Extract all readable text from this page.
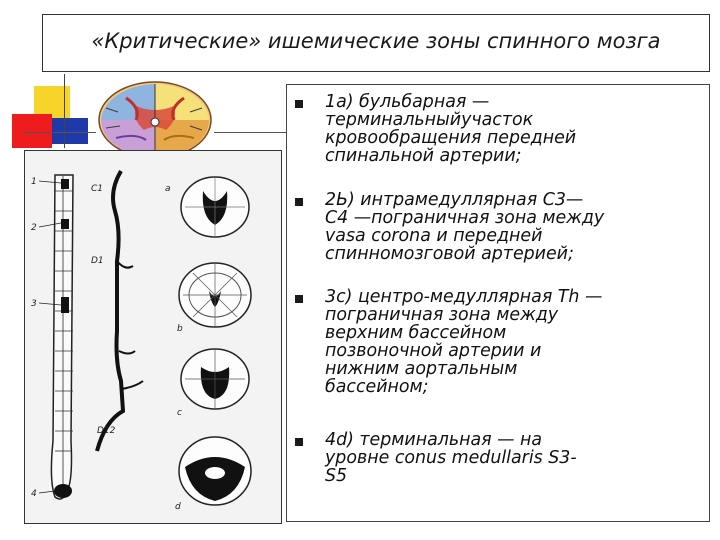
«Критические» ишемические зоны спинного мозга
1
2
3
4
C1
D1
D12
a
b
c
d

1а) бульбарная —
терминальныйучасток
кровообращения передней
спинальной артерии;

2Ь) интрамедуллярная С3—
С4 —пограничная зона между
vasa corona и передней
спинномозговой артерией;

3с) центро-медуллярная Th —
пограничная зона между
верхним бассейном
позвоночной артерии и
нижним аортальным
бассейном;

4d) терминальная — на
уровне conus medullaris S3-
S5
